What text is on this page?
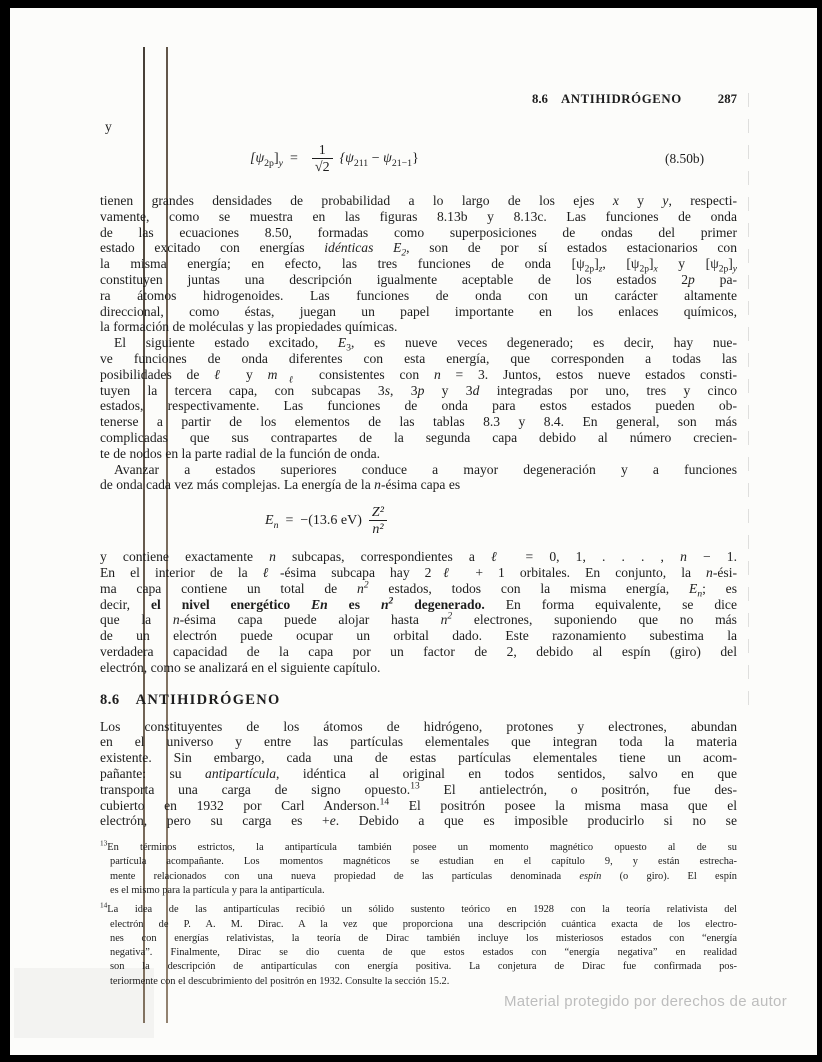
8.6 ANTIHIDRÓGENO	287
y
$[\psi_{2p}]_y = \frac{1}{√2} \{\psi_{211} - \psi_{21-1}\}$	(8.50b)
tienen grandes densidades de probabilidad a lo largo de los ejes x y y, respecti-
vamente, como se muestra en las figuras 8.13b y 8.13c. Las funciones de onda
de las ecuaciones 8.50, formadas como superposiciones de ondas del primer
estado excitado con energías idénticas $E_2$, son de por sí estados estacionarios con
la misma energía; en efecto, las tres funciones de onda $[\psi_{2p}]_z$, $[\psi_{2p}]_x$ y $[\psi_{2p}]_y$
constituyen juntas una descripción igualmente aceptable de los estados 2p pa-
ra átomos hidrogenoides. Las funciones de onda con un carácter altamente
direccional, como éstas, juegan un papel importante en los enlaces químicos,
la formación de moléculas y las propiedades químicas.
El siguiente estado excitado, $E_3$, es nueve veces degenerado; es decir, hay nue-
ve funciones de onda diferentes con esta energía, que corresponden a todas las
posibilidades de ℓ y $m_\ell$ consistentes con n = 3. Juntos, estos nueve estados consti-
tuyen la tercera capa, con subcapas 3s, 3p y 3d integradas por uno, tres y cinco
estados, respectivamente. Las funciones de onda para estos estados pueden ob-
tenerse a partir de los elementos de las tablas 8.3 y 8.4. En general, son más
complicadas que sus contrapartes de la segunda capa debido al número crecien-
te de nodos en la parte radial de la función de onda.
Avanzar a estados superiores conduce a mayor degeneración y a funciones
de onda cada vez más complejas. La energía de la n-ésima capa es
$E_n = -(13.6$ $eV) \frac{\text{Z²}}{\text{n²}}$
y contiene exactamente n subcapas, correspondientes a ℓ = 0, 1, . . . , n − 1.
En el interior de la ℓ-ésima subcapa hay 2ℓ + 1 orbitales. En conjunto, la n-ési-
ma capa contiene un total de $n^2$ estados, todos con la misma energía, $E_n$; es
decir, el nivel energético En es $n^2$ degenerado. En forma equivalente, se dice
que la n-ésima capa puede alojar hasta $n^2$ electrones, suponiendo que no más
de un electrón puede ocupar un orbital dado. Este razonamiento subestima la
verdadera capacidad de la capa por un factor de 2, debido al espín (giro) del
electrón, como se analizará en el siguiente capítulo.
8.6 ANTIHIDRÓGENO
Los constituyentes de los átomos de hidrógeno, protones y electrones, abundan
en el universo y entre las partículas elementales que integran toda la materia
existente. Sin embargo, cada una de estas partículas elementales tiene un acom-
pañante: su antipartícula, idéntica al original en todos sentidos, salvo en que
transporta una carga de signo opuesto.$^{13}$ El antielectrón, o positrón, fue des-
cubierto en 1932 por Carl Anderson.$^{14}$ El positrón posee la misma masa que el
electrón, pero su carga es +e. Debido a que es imposible producirlo si no se
$^{13}$En términos estrictos, la antipartícula también posee un momento magnético opuesto al de su
partícula acompañante. Los momentos magnéticos se estudian en el capítulo 9, y están estrecha-
mente relacionados con una nueva propiedad de las partículas denominada espín (o giro). El espín
es el mismo para la partícula y para la antipartícula.
$^{14}$La idea de las antipartículas recibió un sólido sustento teórico en 1928 con la teoría relativista del
electrón de P. A. M. Dirac. A la vez que proporciona una descripción cuántica exacta de los electro-
nes con energías relativistas, la teoría de Dirac también incluye los misteriosos estados con “energía
negativa”. Finalmente, Dirac se dio cuenta de que estos estados con “energía negativa” en realidad
son la descripción de antipartículas con energía positiva. La conjetura de Dirac fue confirmada pos-
teriormente con el descubrimiento del positrón en 1932. Consulte la sección 15.2.
Material protegido por derechos de autor
